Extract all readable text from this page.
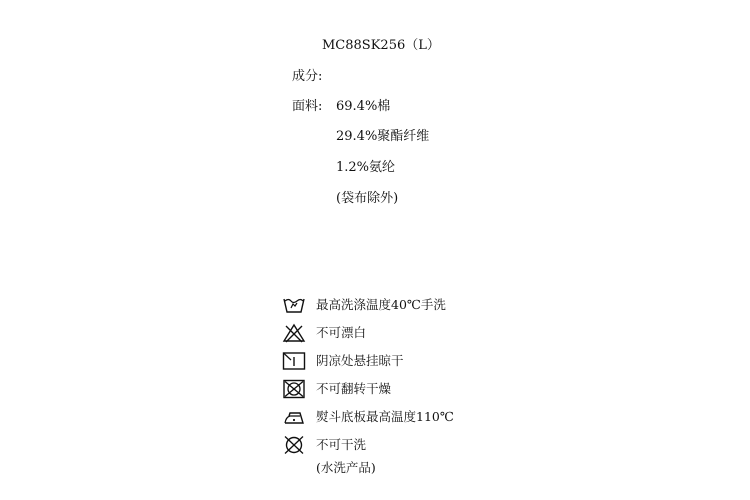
MC88SK256（L）
成分:
面料: 69.4%棉
29.4%聚酯纤维
1.2%氨纶
(袋布除外)
最高洗涤温度40℃手洗
不可漂白
阴凉处悬挂晾干
不可翻转干燥
熨斗底板最高温度110℃
不可干洗
(水洗产品)
